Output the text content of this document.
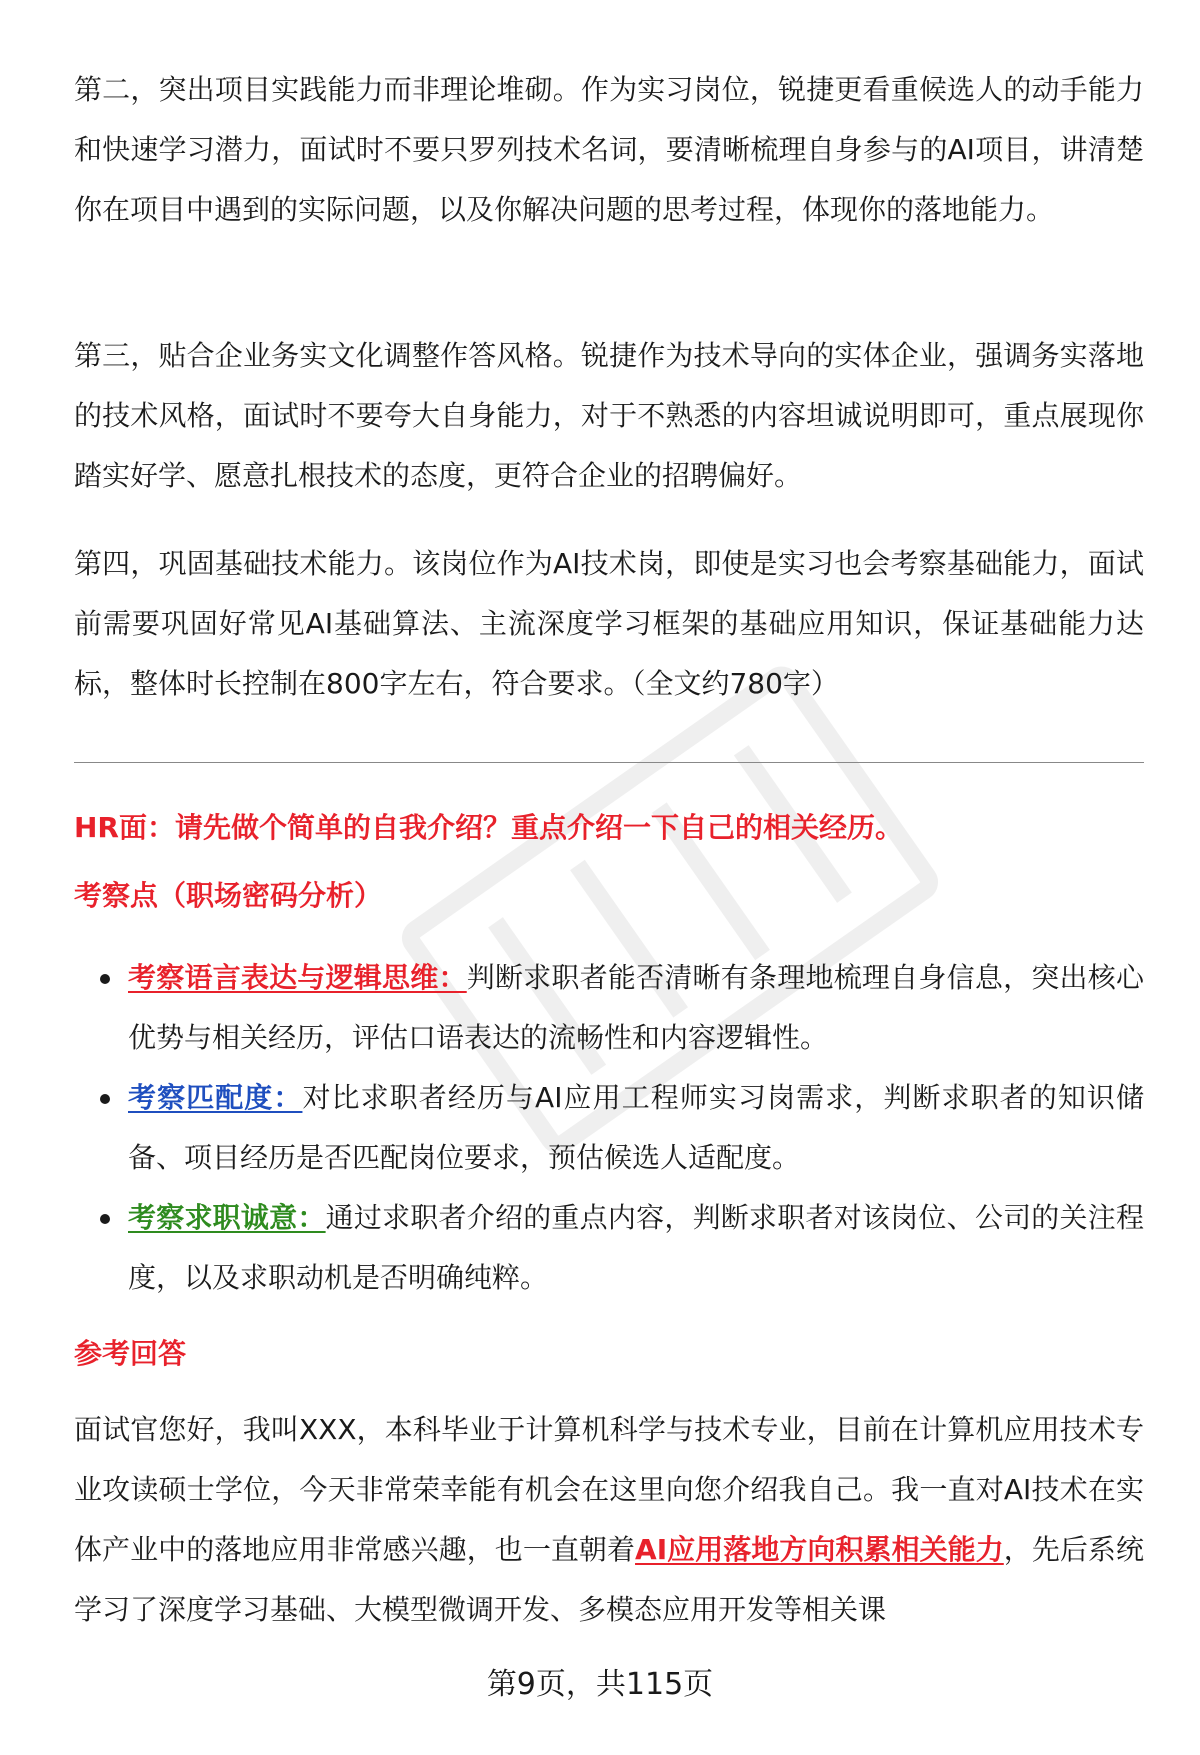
第二，突出项目实践能力而非理论堆砌。作为实习岗位，锐捷更看重候选人的动手能力和快速学习潜力，面试时不要只罗列技术名词，要清晰梳理自身参与的AI项目，讲清楚你在项目中遇到的实际问题，以及你解决问题的思考过程，体现你的落地能力。

第三，贴合企业务实文化调整作答风格。锐捷作为技术导向的实体企业，强调务实落地的技术风格，面试时不要夸大自身能力，对于不熟悉的内容坦诚说明即可，重点展现你踏实好学、愿意扎根技术的态度，更符合企业的招聘偏好。

第四，巩固基础技术能力。该岗位作为AI技术岗，即使是实习也会考察基础能力，面试前需要巩固好常见AI基础算法、主流深度学习框架的基础应用知识，保证基础能力达标，整体时长控制在800字左右，符合要求。（全文约780字）

HR面：请先做个简单的自我介绍？重点介绍一下自己的相关经历。
考察点（职场密码分析）
考察语言表达与逻辑思维：判断求职者能否清晰有条理地梳理自身信息，突出核心优势与相关经历，评估口语表达的流畅性和内容逻辑性。
考察匹配度：对比求职者经历与AI应用工程师实习岗需求，判断求职者的知识储备、项目经历是否匹配岗位要求，预估候选人适配度。
考察求职诚意：通过求职者介绍的重点内容，判断求职者对该岗位、公司的关注程度，以及求职动机是否明确纯粹。
参考回答

面试官您好，我叫XXX，本科毕业于计算机科学与技术专业，目前在计算机应用技术专业攻读硕士学位，今天非常荣幸能有机会在这里向您介绍我自己。我一直对AI技术在实体产业中的落地应用非常感兴趣，也一直朝着AI应用落地方向积累相关能力，先后系统学习了深度学习基础、大模型微调开发、多模态应用开发等相关课

第9页，共115页
